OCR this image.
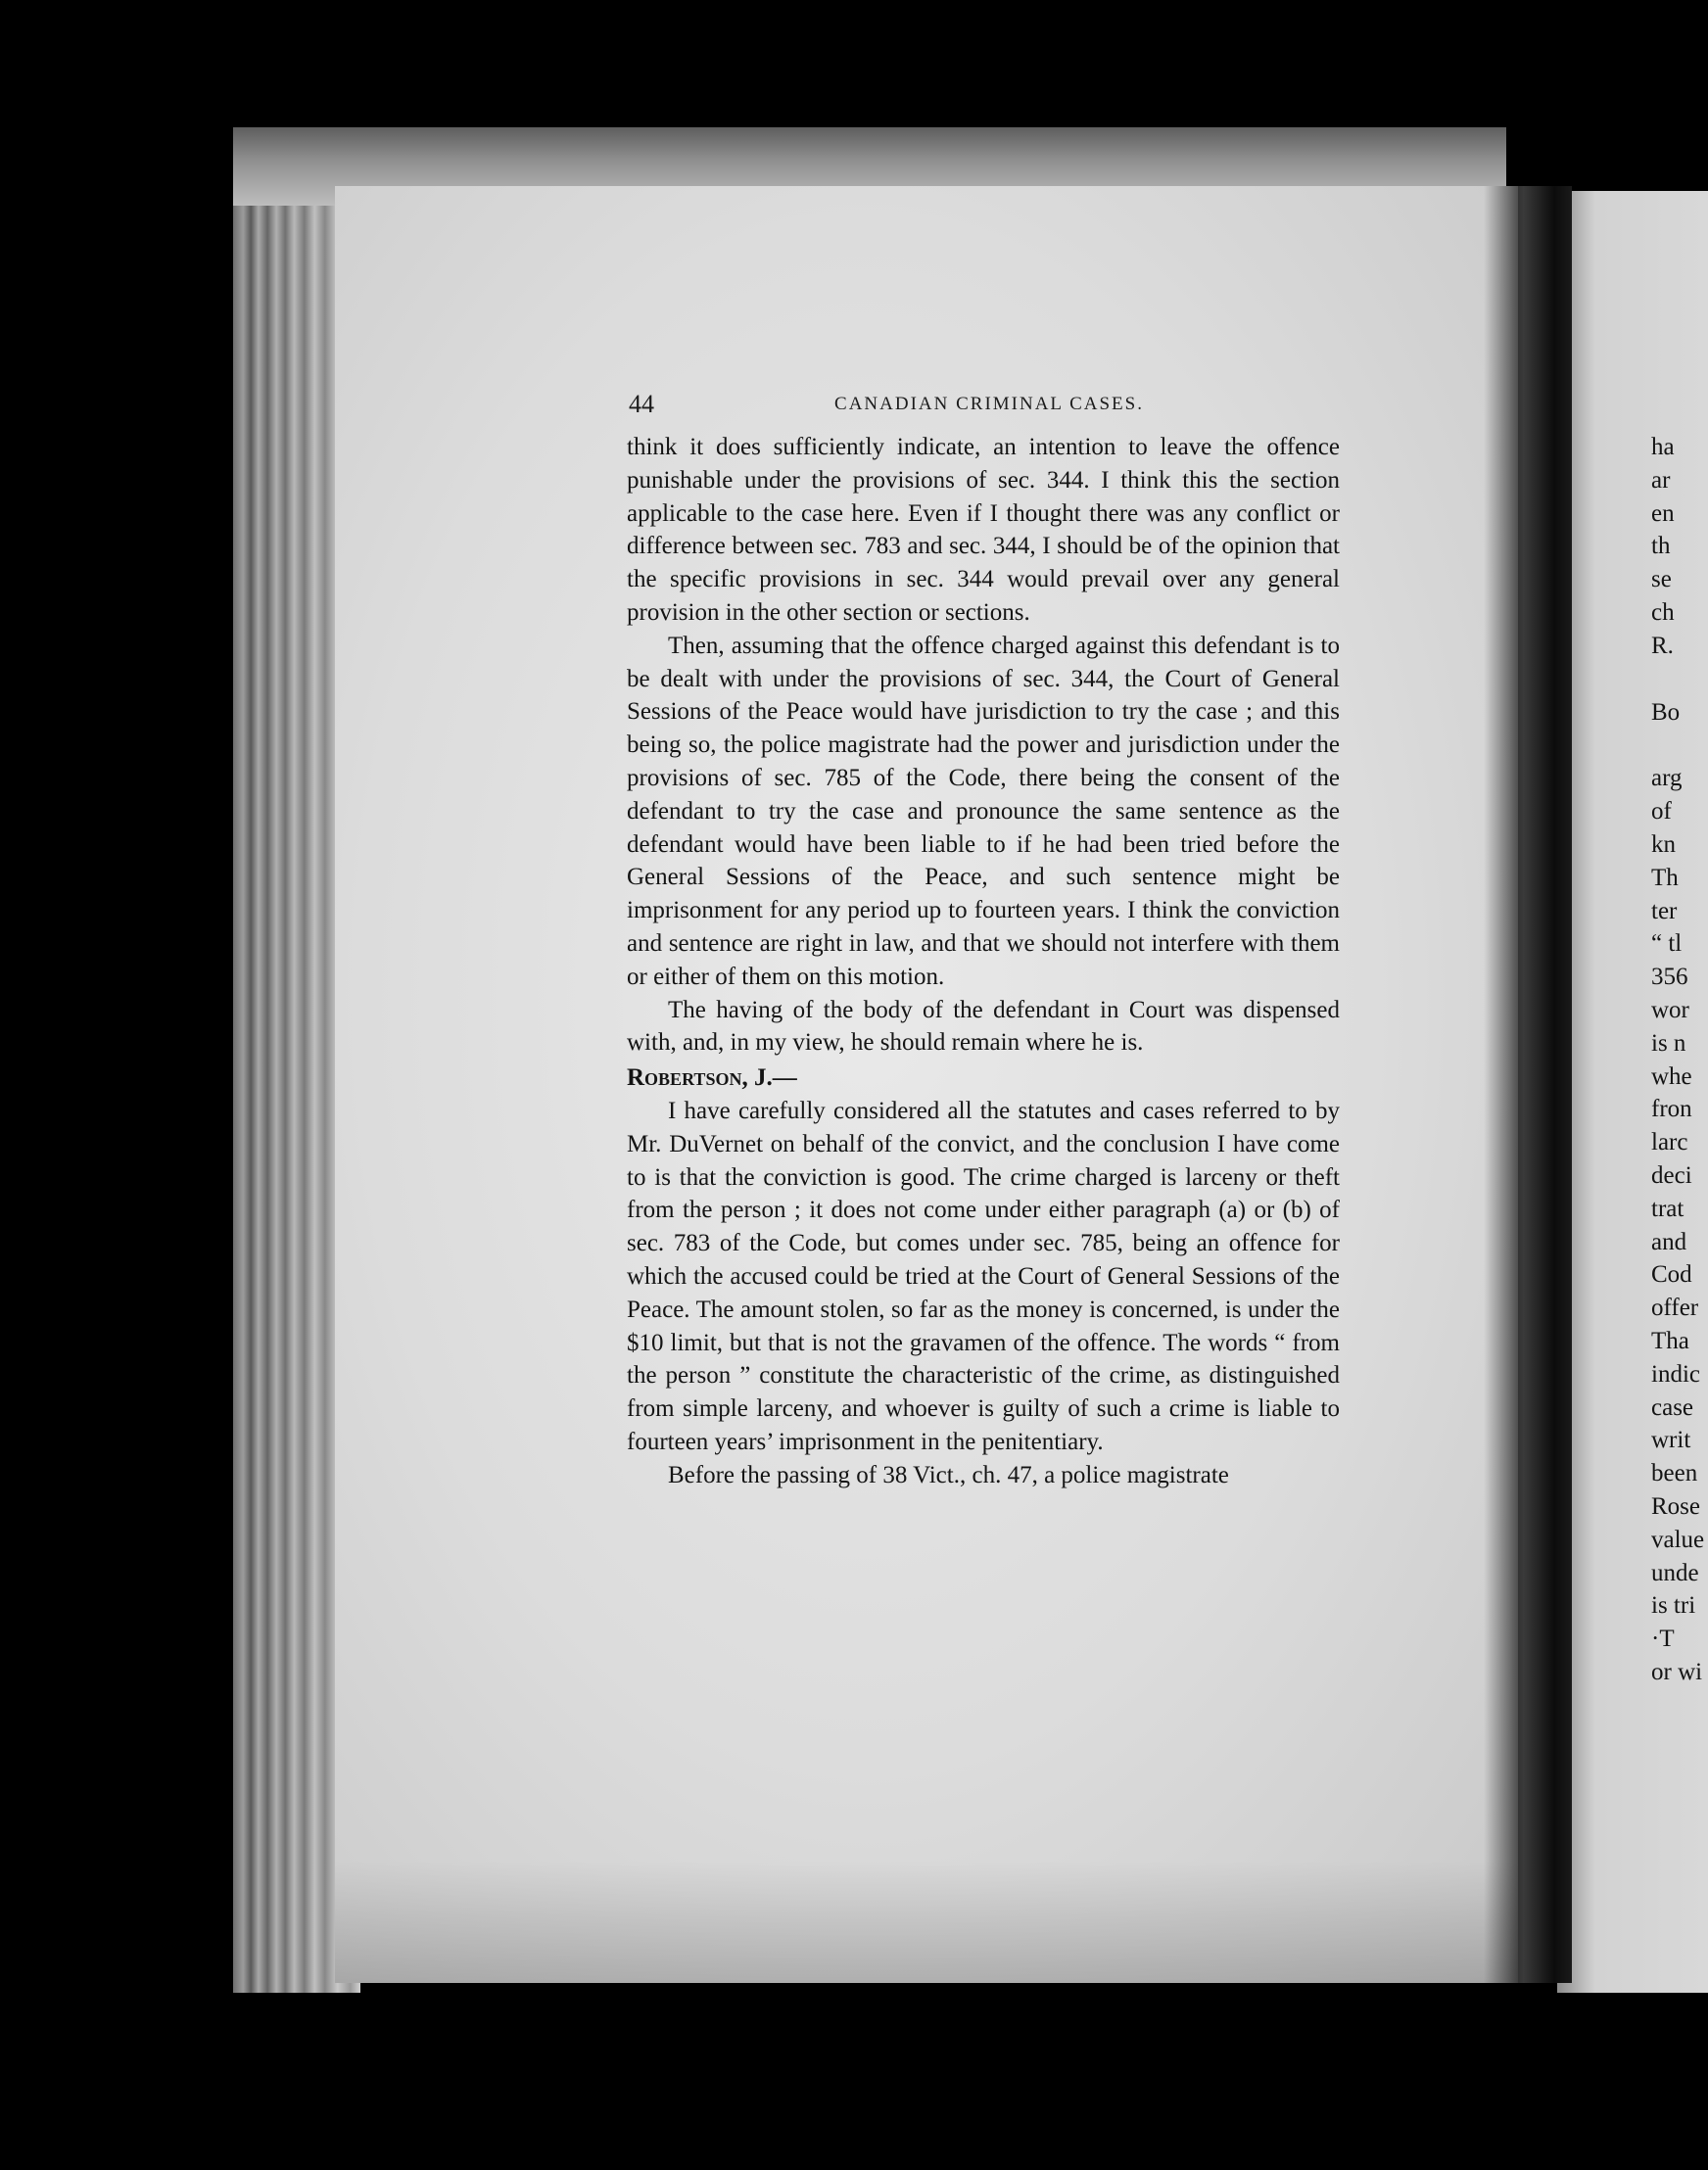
44	CANADIAN CRIMINAL CASES.

think it does sufficiently indicate, an intention to leave the offence punishable under the provisions of sec. 344. I think this the section applicable to the case here. Even if I thought there was any conflict or difference between sec. 783 and sec. 344, I should be of the opinion that the specific provisions in sec. 344 would prevail over any general provision in the other section or sections.

Then, assuming that the offence charged against this defendant is to be dealt with under the provisions of sec. 344, the Court of General Sessions of the Peace would have jurisdiction to try the case ; and this being so, the police magistrate had the power and jurisdiction under the provisions of sec. 785 of the Code, there being the consent of the defendant to try the case and pronounce the same sentence as the defendant would have been liable to if he had been tried before the General Sessions of the Peace, and such sentence might be imprisonment for any period up to fourteen years. I think the conviction and sentence are right in law, and that we should not interfere with them or either of them on this motion.

The having of the body of the defendant in Court was dispensed with, and, in my view, he should remain where he is.

Robertson, J.—

I have carefully considered all the statutes and cases referred to by Mr. DuVernet on behalf of the convict, and the conclusion I have come to is that the conviction is good. The crime charged is larceny or theft from the person ; it does not come under either paragraph (a) or (b) of sec. 783 of the Code, but comes under sec. 785, being an offence for which the accused could be tried at the Court of General Sessions of the Peace. The amount stolen, so far as the money is concerned, is under the $10 limit, but that is not the gravamen of the offence. The words “ from the person ” constitute the characteristic of the crime, as distinguished from simple larceny, and whoever is guilty of such a crime is liable to fourteen years’ imprisonment in the penitentiary.

Before the passing of 38 Vict., ch. 47, a police magistrate

ha
ar
en
th
se
ch
R.
Bo
arg
of
kn
Th
ter
“ tl
356
wor
is n
whe
fron
larc
deci
trat
and
Cod
offer
Tha
indic
case
writ
been
Rose
value
unde
is tri
·T
or wi
